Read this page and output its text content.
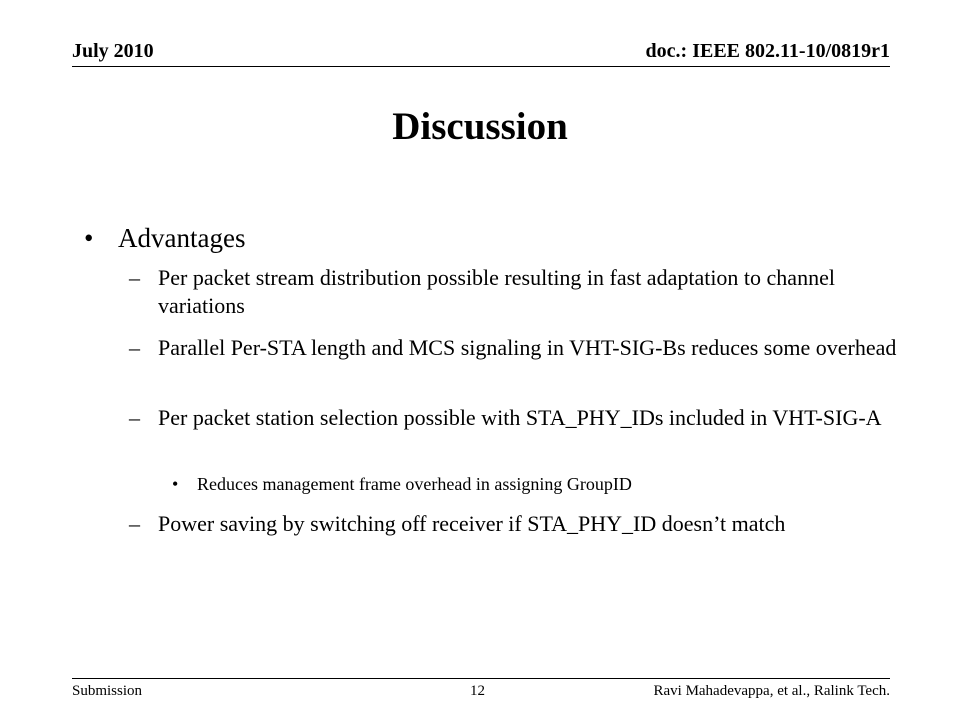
July 2010	doc.: IEEE 802.11-10/0819r1
Discussion
• Advantages
– Per packet stream distribution possible resulting in fast adaptation to channel variations
– Parallel Per-STA length and MCS signaling in VHT-SIG-Bs reduces some overhead
– Per packet station selection possible with STA_PHY_IDs included in VHT-SIG-A
• Reduces management frame overhead in assigning GroupID
– Power saving by switching off receiver if STA_PHY_ID doesn’t match
Submission	12	Ravi Mahadevappa, et al., Ralink Tech.
